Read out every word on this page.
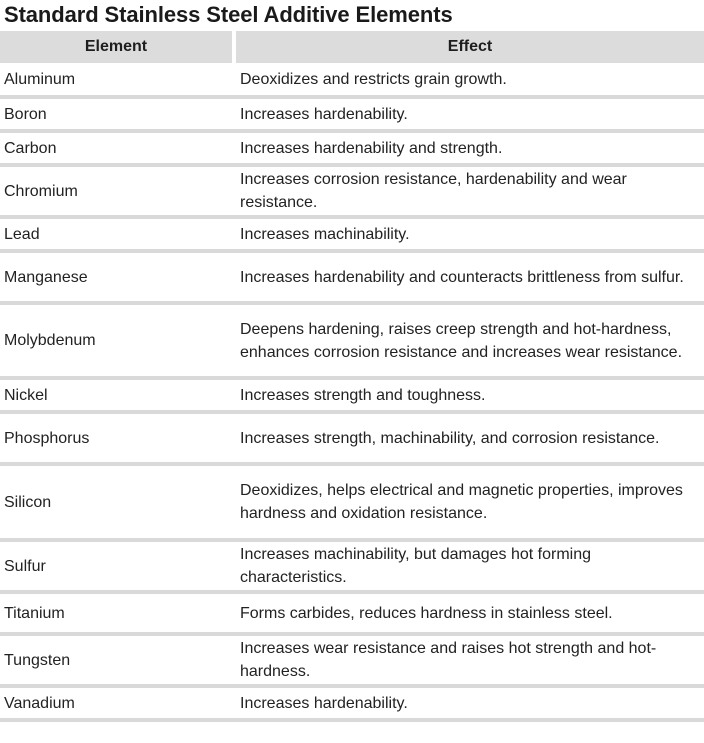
Standard Stainless Steel Additive Elements
Element	Effect
Aluminum	Deoxidizes and restricts grain growth.
Boron	Increases hardenability.
Carbon	Increases hardenability and strength.
Chromium	Increases corrosion resistance, hardenability and wear resistance.
Lead	Increases machinability.
Manganese	Increases hardenability and counteracts brittleness from sulfur.
Molybdenum	Deepens hardening, raises creep strength and hot-hardness, enhances corrosion resistance and increases wear resistance.
Nickel	Increases strength and toughness.
Phosphorus	Increases strength, machinability, and corrosion resistance.
Silicon	Deoxidizes, helps electrical and magnetic properties, improves hardness and oxidation resistance.
Sulfur	Increases machinability, but damages hot forming characteristics.
Titanium	Forms carbides, reduces hardness in stainless steel.
Tungsten	Increases wear resistance and raises hot strength and hot-hardness.
Vanadium	Increases hardenability.
